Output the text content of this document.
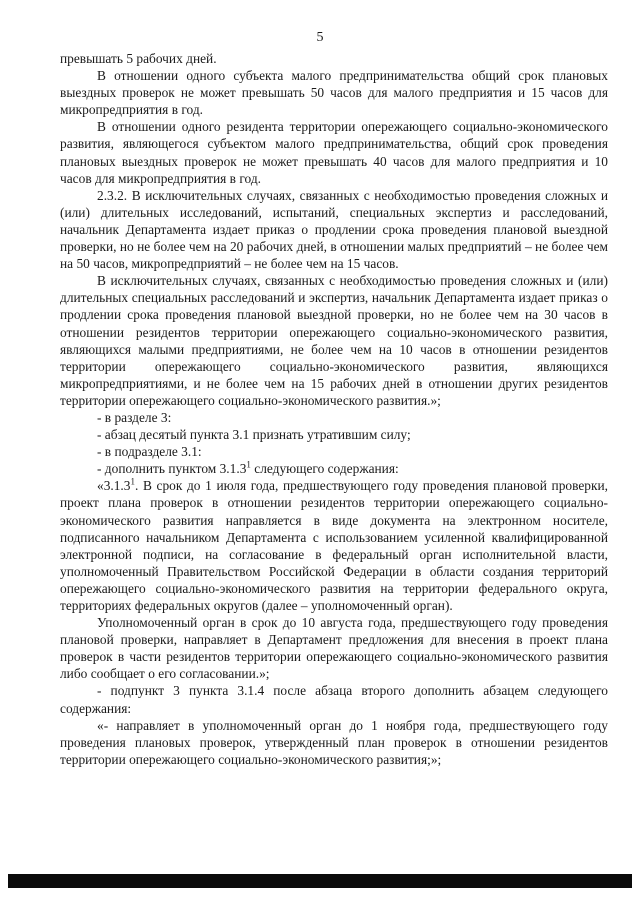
5

превышать 5 рабочих дней.

В отношении одного субъекта малого предпринимательства общий срок плановых выездных проверок не может превышать 50 часов для малого предприятия и 15 часов для микропредприятия в год.

В отношении одного резидента территории опережающего социально-экономического развития, являющегося субъектом малого предпринимательства, общий срок проведения плановых выездных проверок не может превышать 40 часов для малого предприятия и 10 часов для микропредприятия в год.

2.3.2. В исключительных случаях, связанных с необходимостью проведения сложных и (или) длительных исследований, испытаний, специальных экспертиз и расследований, начальник Департамента издает приказ о продлении срока проведения плановой выездной проверки, но не более чем на 20 рабочих дней, в отношении малых предприятий – не более чем на 50 часов, микропредприятий – не более чем на 15 часов.

В исключительных случаях, связанных с необходимостью проведения сложных и (или) длительных специальных расследований и экспертиз, начальник Департамента издает приказ о продлении срока проведения плановой выездной проверки, но не более чем на 30 часов в отношении резидентов территории опережающего социально-экономического развития, являющихся малыми предприятиями, не более чем на 10 часов в отношении резидентов территории опережающего социально-экономического развития, являющихся микропредприятиями, и не более чем на 15 рабочих дней в отношении других резидентов территории опережающего социально-экономического развития.»;

- в разделе 3:

- абзац десятый пункта 3.1 признать утратившим силу;

- в подразделе 3.1:

- дополнить пунктом 3.1.3$^1$ следующего содержания:

«3.1.3$^1$. В срок до 1 июля года, предшествующего году проведения плановой проверки, проект плана проверок в отношении резидентов территории опережающего социально-экономического развития направляется в виде документа на электронном носителе, подписанного начальником Департамента с использованием усиленной квалифицированной электронной подписи, на согласование в федеральный орган исполнительной власти, уполномоченный Правительством Российской Федерации в области создания территорий опережающего социально-экономического развития на территории федерального округа, территориях федеральных округов (далее – уполномоченный орган).

Уполномоченный орган в срок до 10 августа года, предшествующего году проведения плановой проверки, направляет в Департамент предложения для внесения в проект плана проверок в части резидентов территории опережающего социально-экономического развития либо сообщает о его согласовании.»;

- подпункт 3 пункта 3.1.4 после абзаца второго дополнить абзацем следующего содержания:

«- направляет в уполномоченный орган до 1 ноября года, предшествующего году проведения плановых проверок, утвержденный план проверок в отношении резидентов территории опережающего социально-экономического развития;»;
